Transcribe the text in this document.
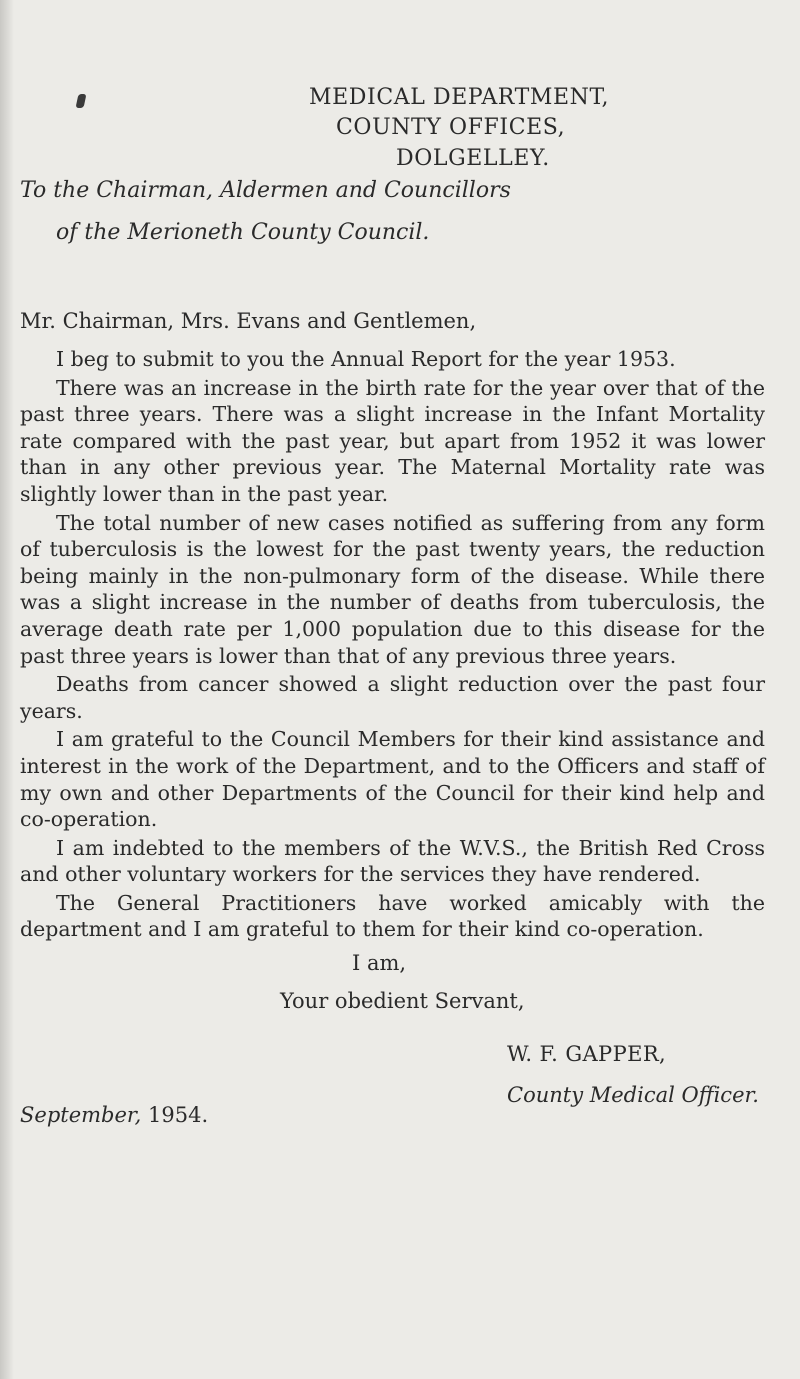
MEDICAL DEPARTMENT,
COUNTY OFFICES,
DOLGELLEY.
To the Chairman, Aldermen and Councillors
of the Merioneth County Council.
Mr. Chairman, Mrs. Evans and Gentlemen,

I beg to submit to you the Annual Report for the year 1953.

There was an increase in the birth rate for the year over that of the past three years. There was a slight increase in the Infant Mortality rate compared with the past year, but apart from 1952 it was lower than in any other previous year. The Maternal Mortality rate was slightly lower than in the past year.

The total number of new cases notified as suffering from any form of tuberculosis is the lowest for the past twenty years, the reduction being mainly in the non-pulmonary form of the disease. While there was a slight increase in the number of deaths from tuberculosis, the average death rate per 1,000 population due to this disease for the past three years is lower than that of any previous three years.

Deaths from cancer showed a slight reduction over the past four years.

I am grateful to the Council Members for their kind assistance and interest in the work of the Department, and to the Officers and staff of my own and other Departments of the Council for their kind help and co-operation.

I am indebted to the members of the W.V.S., the British Red Cross and other voluntary workers for the services they have rendered.

The General Practitioners have worked amicably with the department and I am grateful to them for their kind co-operation.

I am,
Your obedient Servant,
W. F. GAPPER,
County Medical Officer.
September, 1954.
